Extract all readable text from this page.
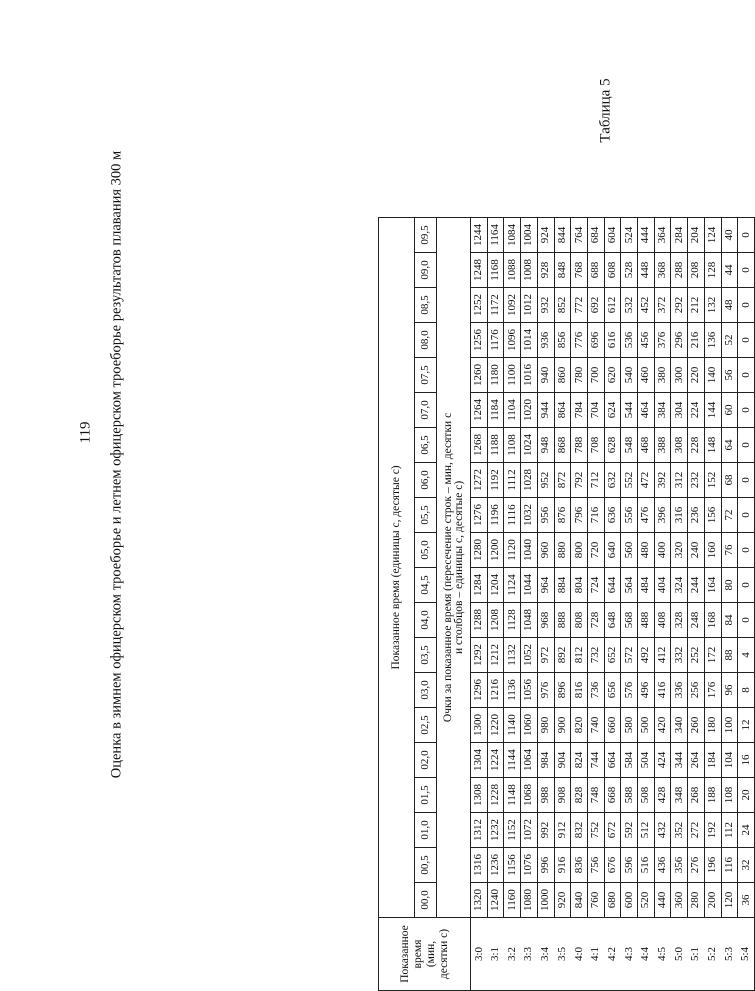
119
Таблица 5
Оценка в зимнем офицерском троеборье и летнем офицерском троеборье результатов плавания 300 м
Показанное время (мин, десятки с)	Показанное время (единицы с, десятые с)																			
	00,0	00,5	01,0	01,5	02,0	02,5	03,0	03,5	04,0	04,5	05,0	05,5	06,0	06,5	07,0	07,5	08,0	08,5	09,0	09,5

	Очки за показанное время (пересечение строк – мин, десятки с и столбцов – единицы с, десятые с)																			

3:0	1320	1316	1312	1308	1304	1300	1296	1292	1288	1284	1280	1276	1272	1268	1264	1260	1256	1252	1248	1244
3:1	1240	1236	1232	1228	1224	1220	1216	1212	1208	1204	1200	1196	1192	1188	1184	1180	1176	1172	1168	1164
3:2	1160	1156	1152	1148	1144	1140	1136	1132	1128	1124	1120	1116	1112	1108	1104	1100	1096	1092	1088	1084
3:3	1080	1076	1072	1068	1064	1060	1056	1052	1048	1044	1040	1032	1028	1024	1020	1016	1014	1012	1008	1004
3:4	1000	996	992	988	984	980	976	972	968	964	960	956	952	948	944	940	936	932	928	924
3:5	920	916	912	908	904	900	896	892	888	884	880	876	872	868	864	860	856	852	848	844
4:0	840	836	832	828	824	820	816	812	808	804	800	796	792	788	784	780	776	772	768	764
4:1	760	756	752	748	744	740	736	732	728	724	720	716	712	708	704	700	696	692	688	684
4:2	680	676	672	668	664	660	656	652	648	644	640	636	632	628	624	620	616	612	608	604
4:3	600	596	592	588	584	580	576	572	568	564	560	556	552	548	544	540	536	532	528	524
4:4	520	516	512	508	504	500	496	492	488	484	480	476	472	468	464	460	456	452	448	444
4:5	440	436	432	428	424	420	416	412	408	404	400	396	392	388	384	380	376	372	368	364
5:0	360	356	352	348	344	340	336	332	328	324	320	316	312	308	304	300	296	292	288	284
5:1	280	276	272	268	264	260	256	252	248	244	240	236	232	228	224	220	216	212	208	204
5:2	200	196	192	188	184	180	176	172	168	164	160	156	152	148	144	140	136	132	128	124
5:3	120	116	112	108	104	100	96	88	84	80	76	72	68	64	60	56	52	48	44	40
5:4	36	32	24	20	16	12	8	4	0	0	0	0	0	0	0	0	0	0	0	0
